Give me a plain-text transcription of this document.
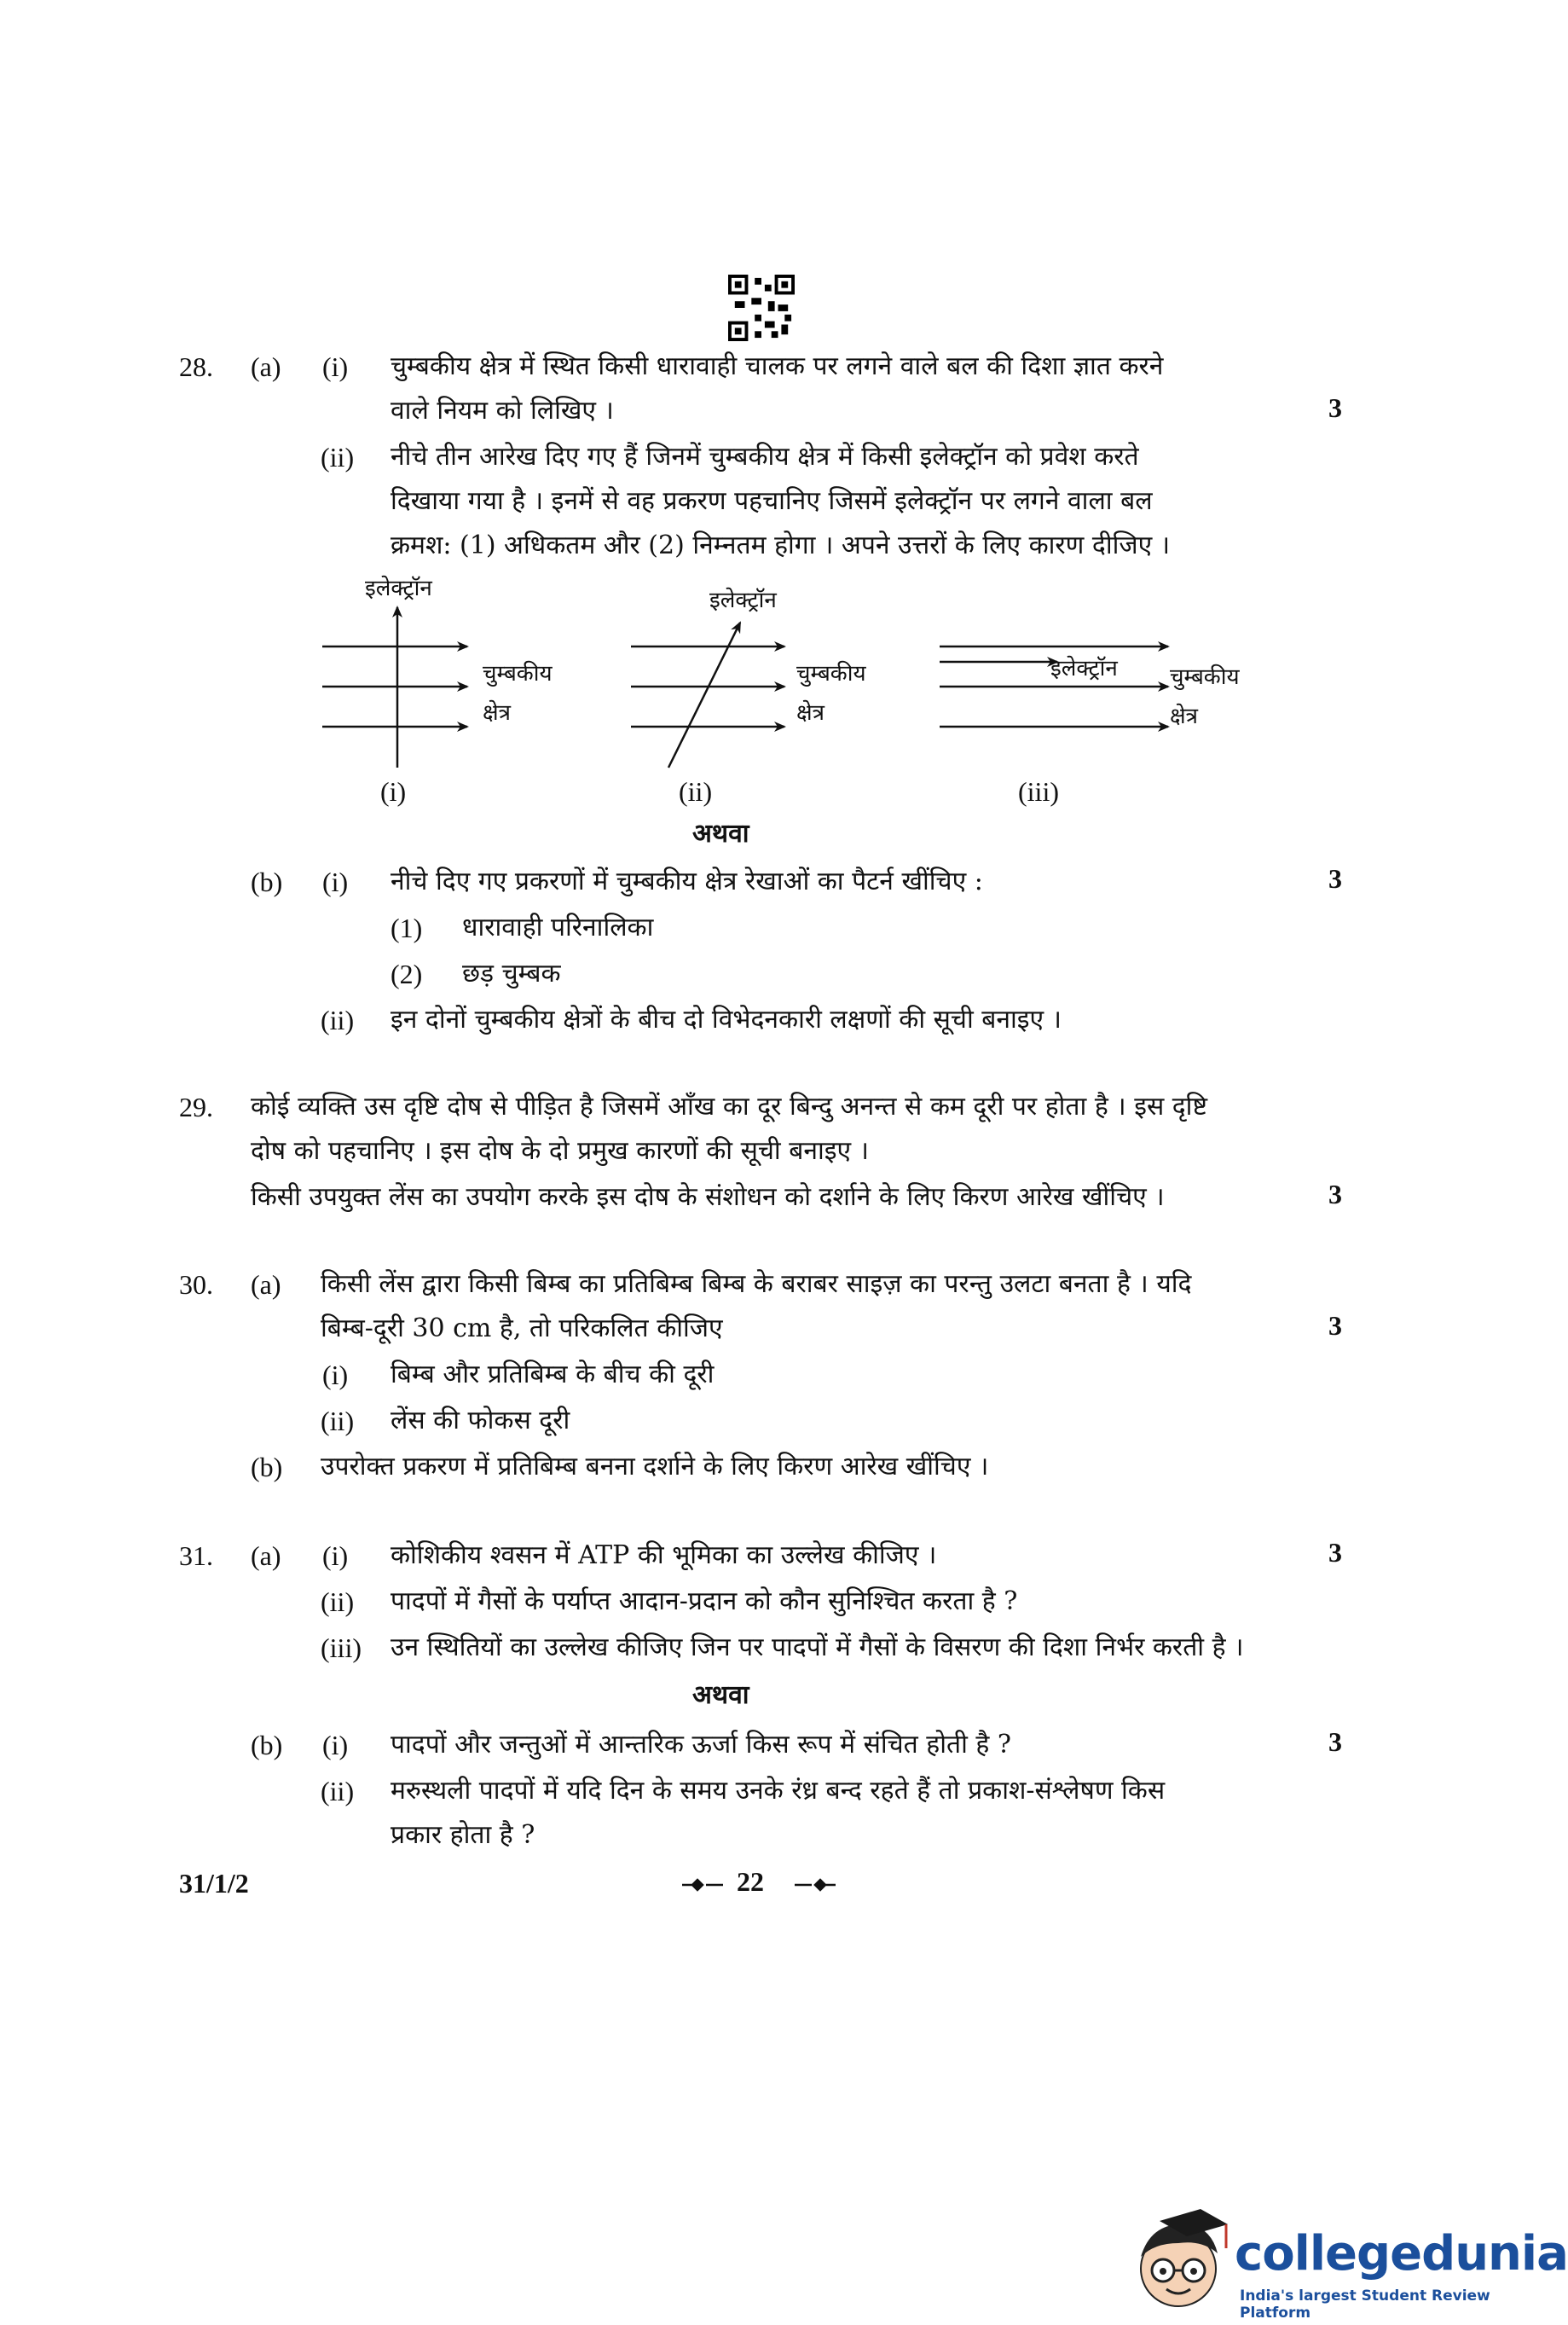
28. (a) (i) चुम्बकीय क्षेत्र में स्थित किसी धारावाही चालक पर लगने वाले बल की दिशा ज्ञात करने
वाले नियम को लिखिए ।	3
(ii) नीचे तीन आरेख दिए गए हैं जिनमें चुम्बकीय क्षेत्र में किसी इलेक्ट्रॉन को प्रवेश करते
दिखाया गया है । इनमें से वह प्रकरण पहचानिए जिसमें इलेक्ट्रॉन पर लगने वाला बल
क्रमश: (1) अधिकतम और (2) निम्नतम होगा । अपने उत्तरों के लिए कारण दीजिए ।
इलेक्ट्रॉन
चुम्बकीय
क्षेत्र
(i)
इलेक्ट्रॉन
चुम्बकीय
क्षेत्र
(ii)
इलेक्ट्रॉन चुम्बकीय
क्षेत्र
(iii)
अथवा
(b) (i) नीचे दिए गए प्रकरणों में चुम्बकीय क्षेत्र रेखाओं का पैटर्न खींचिए :	3
(1) धारावाही परिनालिका
(2) छड़ चुम्बक
(ii) इन दोनों चुम्बकीय क्षेत्रों के बीच दो विभेदनकारी लक्षणों की सूची बनाइए ।
29. कोई व्यक्ति उस दृष्टि दोष से पीड़ित है जिसमें आँख का दूर बिन्दु अनन्त से कम दूरी पर होता है । इस दृष्टि
दोष को पहचानिए । इस दोष के दो प्रमुख कारणों की सूची बनाइए ।
किसी उपयुक्त लेंस का उपयोग करके इस दोष के संशोधन को दर्शाने के लिए किरण आरेख खींचिए ।	3
30. (a) किसी लेंस द्वारा किसी बिम्ब का प्रतिबिम्ब बिम्ब के बराबर साइज़ का परन्तु उलटा बनता है । यदि
बिम्ब-दूरी 30 cm है, तो परिकलित कीजिए	3
(i) बिम्ब और प्रतिबिम्ब के बीच की दूरी
(ii) लेंस की फोकस दूरी
(b) उपरोक्त प्रकरण में प्रतिबिम्ब बनना दर्शाने के लिए किरण आरेख खींचिए ।
31. (a) (i) कोशिकीय श्वसन में ATP की भूमिका का उल्लेख कीजिए ।	3
(ii) पादपों में गैसों के पर्याप्त आदान-प्रदान को कौन सुनिश्चित करता है ?
(iii) उन स्थितियों का उल्लेख कीजिए जिन पर पादपों में गैसों के विसरण की दिशा निर्भर करती है ।
अथवा
(b) (i) पादपों और जन्तुओं में आन्तरिक ऊर्जा किस रूप में संचित होती है ?	3
(ii) मरुस्थली पादपों में यदि दिन के समय उनके रंध्र बन्द रहते हैं तो प्रकाश-संश्लेषण किस
प्रकार होता है ?
31/1/2	22
collegedunia
India's largest Student Review Platform
